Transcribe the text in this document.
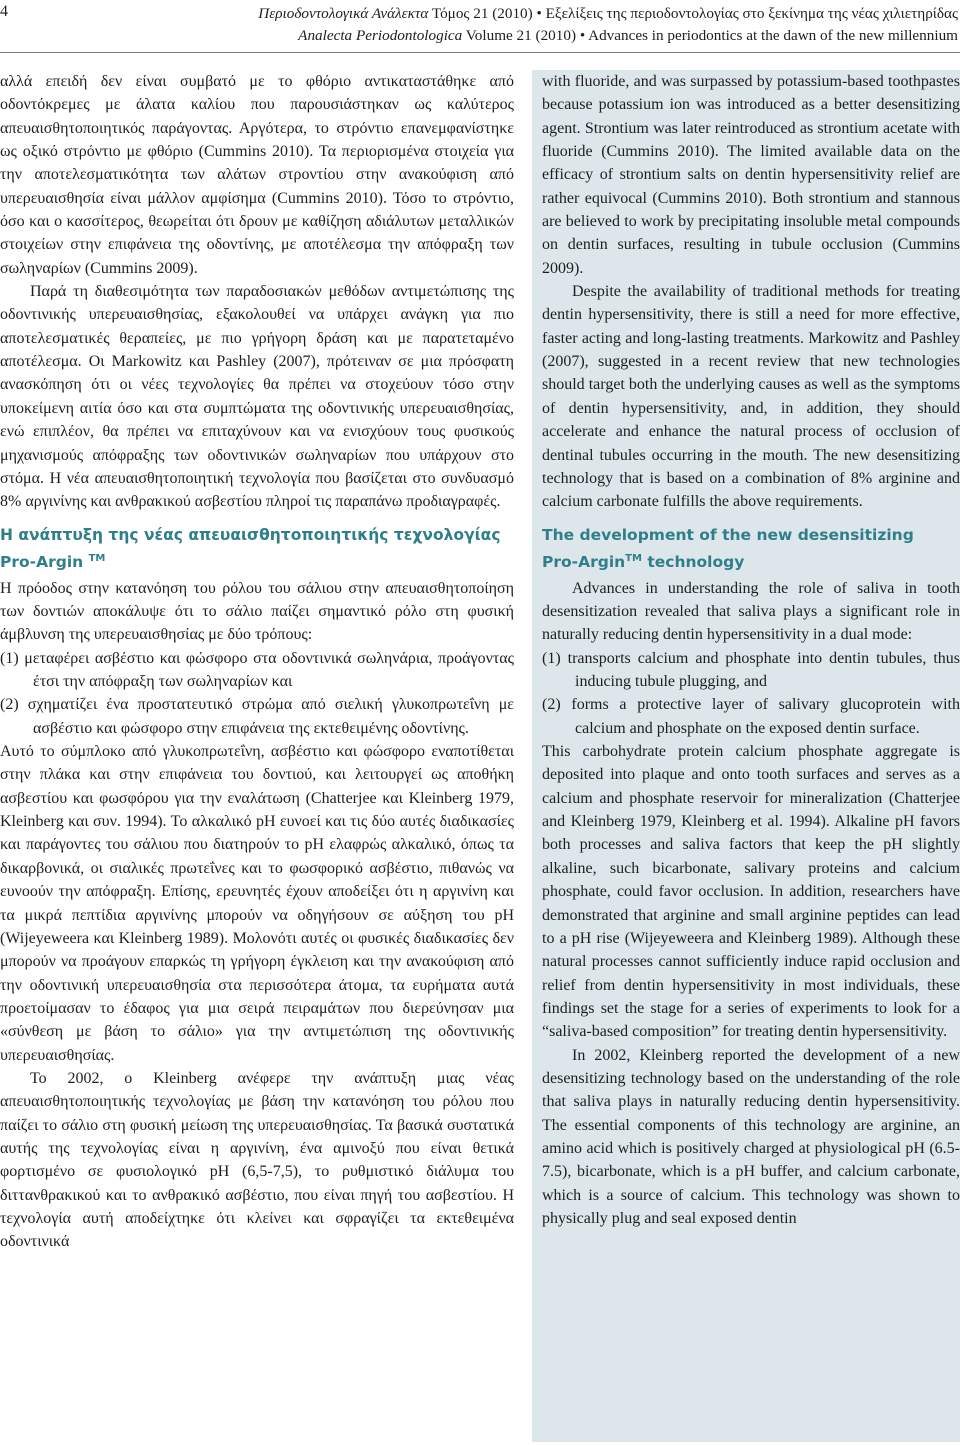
4	Περιοδοντολογικά Ανάλεκτα Τόμος 21 (2010) • Εξελίξεις της περιοδοντολογίας στο ξεκίνημα της νέας χιλιετηρίδας
Analecta Periodontologica Volume 21 (2010) • Advances in periodontics at the dawn of the new millennium

αλλά επειδή δεν είναι συμβατό με το φθόριο αντικαταστάθηκε από οδοντόκρεμες με άλατα καλίου που παρουσιάστηκαν ως καλύτερος απευαισθητοποιητικός παράγοντας. Αργότερα, το στρόντιο επανεμφανίστηκε ως οξικό στρόντιο με φθόριο (Cummins 2010). Τα περιορισμένα στοιχεία για την αποτελεσματικότητα των αλάτων στροντίου στην ανακούφιση από υπερευαισθησία είναι μάλλον αμφίσημα (Cummins 2010). Τόσο το στρόντιο, όσο και ο κασσίτερος, θεωρείται ότι δρουν με καθίζηση αδιάλυτων μεταλλικών στοιχείων στην επιφάνεια της οδοντίνης, με αποτέλεσμα την απόφραξη των σωληναρίων (Cummins 2009).

Παρά τη διαθεσιμότητα των παραδοσιακών μεθόδων αντιμετώπισης της οδοντινικής υπερευαισθησίας, εξακολουθεί να υπάρχει ανάγκη για πιο αποτελεσματικές θεραπείες, με πιο γρήγορη δράση και με παρατεταμένο αποτέλεσμα. Οι Markowitz και Pashley (2007), πρότειναν σε μια πρόσφατη ανασκόπηση ότι οι νέες τεχνολογίες θα πρέπει να στοχεύουν τόσο στην υποκείμενη αιτία όσο και στα συμπτώματα της οδοντινικής υπερευαισθησίας, ενώ επιπλέον, θα πρέπει να επιταχύνουν και να ενισχύουν τους φυσικούς μηχανισμούς απόφραξης των οδοντινικών σωληναρίων που υπάρχουν στο στόμα. Η νέα απευαισθητοποιητική τεχνολογία που βασίζεται στο συνδυασμό 8% αργινίνης και ανθρακικού ασβεστίου πληροί τις παραπάνω προδιαγραφές.

Η ανάπτυξη της νέας απευαισθητοποιητικής τεχνολογίας Pro-Argin ™

Η πρόοδος στην κατανόηση του ρόλου του σάλιου στην απευαισθητοποίηση των δοντιών αποκάλυψε ότι το σάλιο παίζει σημαντικό ρόλο στη φυσική άμβλυνση της υπερευαισθησίας με δύο τρόπους:

(1) μεταφέρει ασβέστιο και φώσφορο στα οδοντινικά σωληνάρια, προάγοντας έτσι την απόφραξη των σωληναρίων και

(2) σχηματίζει ένα προστατευτικό στρώμα από σιελική γλυκοπρωτεΐνη με ασβέστιο και φώσφορο στην επιφάνεια της εκτεθειμένης οδοντίνης.

Αυτό το σύμπλοκο από γλυκοπρωτεΐνη, ασβέστιο και φώσφορο εναποτίθεται στην πλάκα και στην επιφάνεια του δοντιού, και λειτουργεί ως αποθήκη ασβεστίου και φωσφόρου για την εναλάτωση (Chatterjee και Kleinberg 1979, Kleinberg και συν. 1994). Το αλκαλικό pH ευνοεί και τις δύο αυτές διαδικασίες και παράγοντες του σάλιου που διατηρούν το pH ελαφρώς αλκαλικό, όπως τα δικαρβονικά, οι σιαλικές πρωτεΐνες και το φωσφορικό ασβέστιο, πιθανώς να ευνοούν την απόφραξη. Επίσης, ερευνητές έχουν αποδείξει ότι η αργινίνη και τα μικρά πεπτίδια αργινίνης μπορούν να οδηγήσουν σε αύξηση του pH (Wijeyeweera και Kleinberg 1989). Μολονότι αυτές οι φυσικές διαδικασίες δεν μπορούν να προάγουν επαρκώς τη γρήγορη έγκλειση και την ανακούφιση από την οδοντινική υπερευαισθησία στα περισσότερα άτομα, τα ευρήματα αυτά προετοίμασαν το έδαφος για μια σειρά πειραμάτων που διερεύνησαν μια «σύνθεση με βάση το σάλιο» για την αντιμετώπιση της οδοντινικής υπερευαισθησίας.

Το 2002, ο Kleinberg ανέφερε την ανάπτυξη μιας νέας απευαισθητοποιητικής τεχνολογίας με βάση την κατανόηση του ρόλου που παίζει το σάλιο στη φυσική μείωση της υπερευαισθησίας. Τα βασικά συστατικά αυτής της τεχνολογίας είναι η αργινίνη, ένα αμινοξύ που είναι θετικά φορτισμένο σε φυσιολογικό pH (6,5-7,5), το ρυθμιστικό διάλυμα του διττανθρακικού και το ανθρακικό ασβέστιο, που είναι πηγή του ασβεστίου. Η τεχνολογία αυτή αποδείχτηκε ότι κλείνει και σφραγίζει τα εκτεθειμένα οδοντινικά

with fluoride, and was surpassed by potassium-based toothpastes because potassium ion was introduced as a better desensitizing agent. Strontium was later reintroduced as strontium acetate with fluoride (Cummins 2010). The limited available data on the efficacy of strontium salts on dentin hypersensitivity relief are rather equivocal (Cummins 2010). Both strontium and stannous are believed to work by precipitating insoluble metal compounds on dentin surfaces, resulting in tubule occlusion (Cummins 2009).

Despite the availability of traditional methods for treating dentin hypersensitivity, there is still a need for more effective, faster acting and long-lasting treatments. Markowitz and Pashley (2007), suggested in a recent review that new technologies should target both the underlying causes as well as the symptoms of dentin hypersensitivity, and, in addition, they should accelerate and enhance the natural process of occlusion of dentinal tubules occurring in the mouth. The new desensitizing technology that is based on a combination of 8% arginine and calcium carbonate fulfills the above requirements.

The development of the new desensitizing
Pro-Argin™ technology

Advances in understanding the role of saliva in tooth desensitization revealed that saliva plays a significant role in naturally reducing dentin hypersensitivity in a dual mode:

(1) transports calcium and phosphate into dentin tubules, thus inducing tubule plugging, and

(2) forms a protective layer of salivary glucoprotein with calcium and phosphate on the exposed dentin surface.

This carbohydrate protein calcium phosphate aggregate is deposited into plaque and onto tooth surfaces and serves as a calcium and phosphate reservoir for mineralization (Chatterjee and Kleinberg 1979, Kleinberg et al. 1994). Alkaline pH favors both processes and saliva factors that keep the pH slightly alkaline, such bicarbonate, salivary proteins and calcium phosphate, could favor occlusion. In addition, researchers have demonstrated that arginine and small arginine peptides can lead to a pH rise (Wijeyeweera and Kleinberg 1989). Although these natural processes cannot sufficiently induce rapid occlusion and relief from dentin hypersensitivity in most individuals, these findings set the stage for a series of experiments to look for a “saliva-based composition” for treating dentin hypersensitivity.

In 2002, Kleinberg reported the development of a new desensitizing technology based on the understanding of the role that saliva plays in naturally reducing dentin hypersensitivity. The essential components of this technology are arginine, an amino acid which is positively charged at physiological pH (6.5-7.5), bicarbonate, which is a pH buffer, and calcium carbonate, which is a source of calcium. This technology was shown to physically plug and seal exposed dentin
